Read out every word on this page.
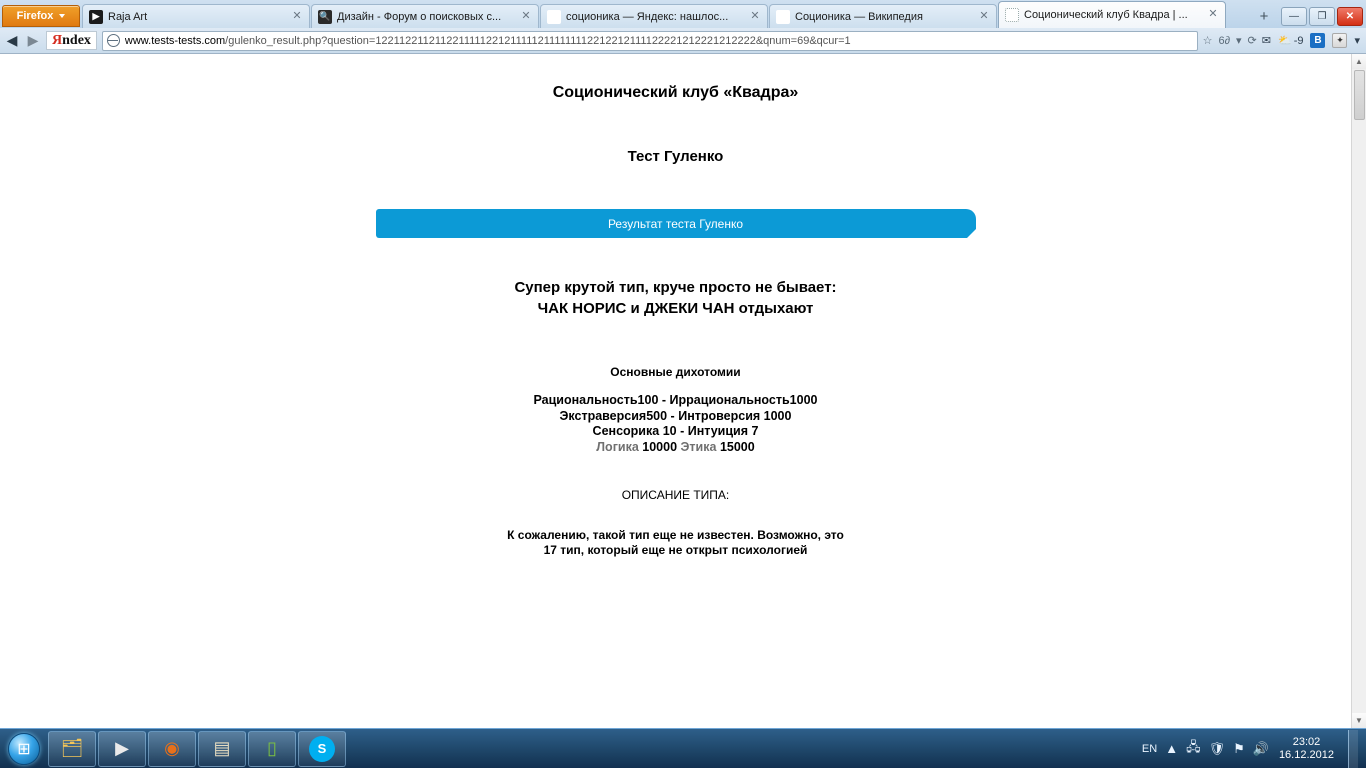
Firefox	▶ Raja Art	✕ 🔍 Дизайн - Форум о поисковых с...	✕	Я соционика — Яндекс: нашлос...	✕ W Соционика — Википедия	✕	Соционический клуб Квадра | ...	✕	+	—	❐	✕
◀ ▶ Я ndex	www.tests-tests.com/gulenko_result.php?question=12211221121122111112212111112111111112212212111122221212221212222&qnum=69&qcur=1	☆ 6∂ ▾ ⟳ ✉ ⛅ -9	В	✦ ▾
Соционический клуб «Квадра»
Тест Гуленко
Результат теста Гуленко
Супер крутой тип, круче просто не бывает:
ЧАК НОРИС и ДЖЕКИ ЧАН отдыхают
Основные дихотомии
Рациональность100 - Иррациональность1000
Экстраверсия500 - Интроверсия 1000
Сенсорика 10 - Интуиция 7
Логика 10000 Этика 15000
ОПИСАНИЕ ТИПА:
К сожалению, такой тип еще не известен. Возможно, это
17 тип, который еще не открыт психологией
▲
▼
⊞	🗂 ▶ ◉ ▤ ▯	S	EN ▲ 🖧 🛡 ⚑ 🔊	23:02
16.12.2012
